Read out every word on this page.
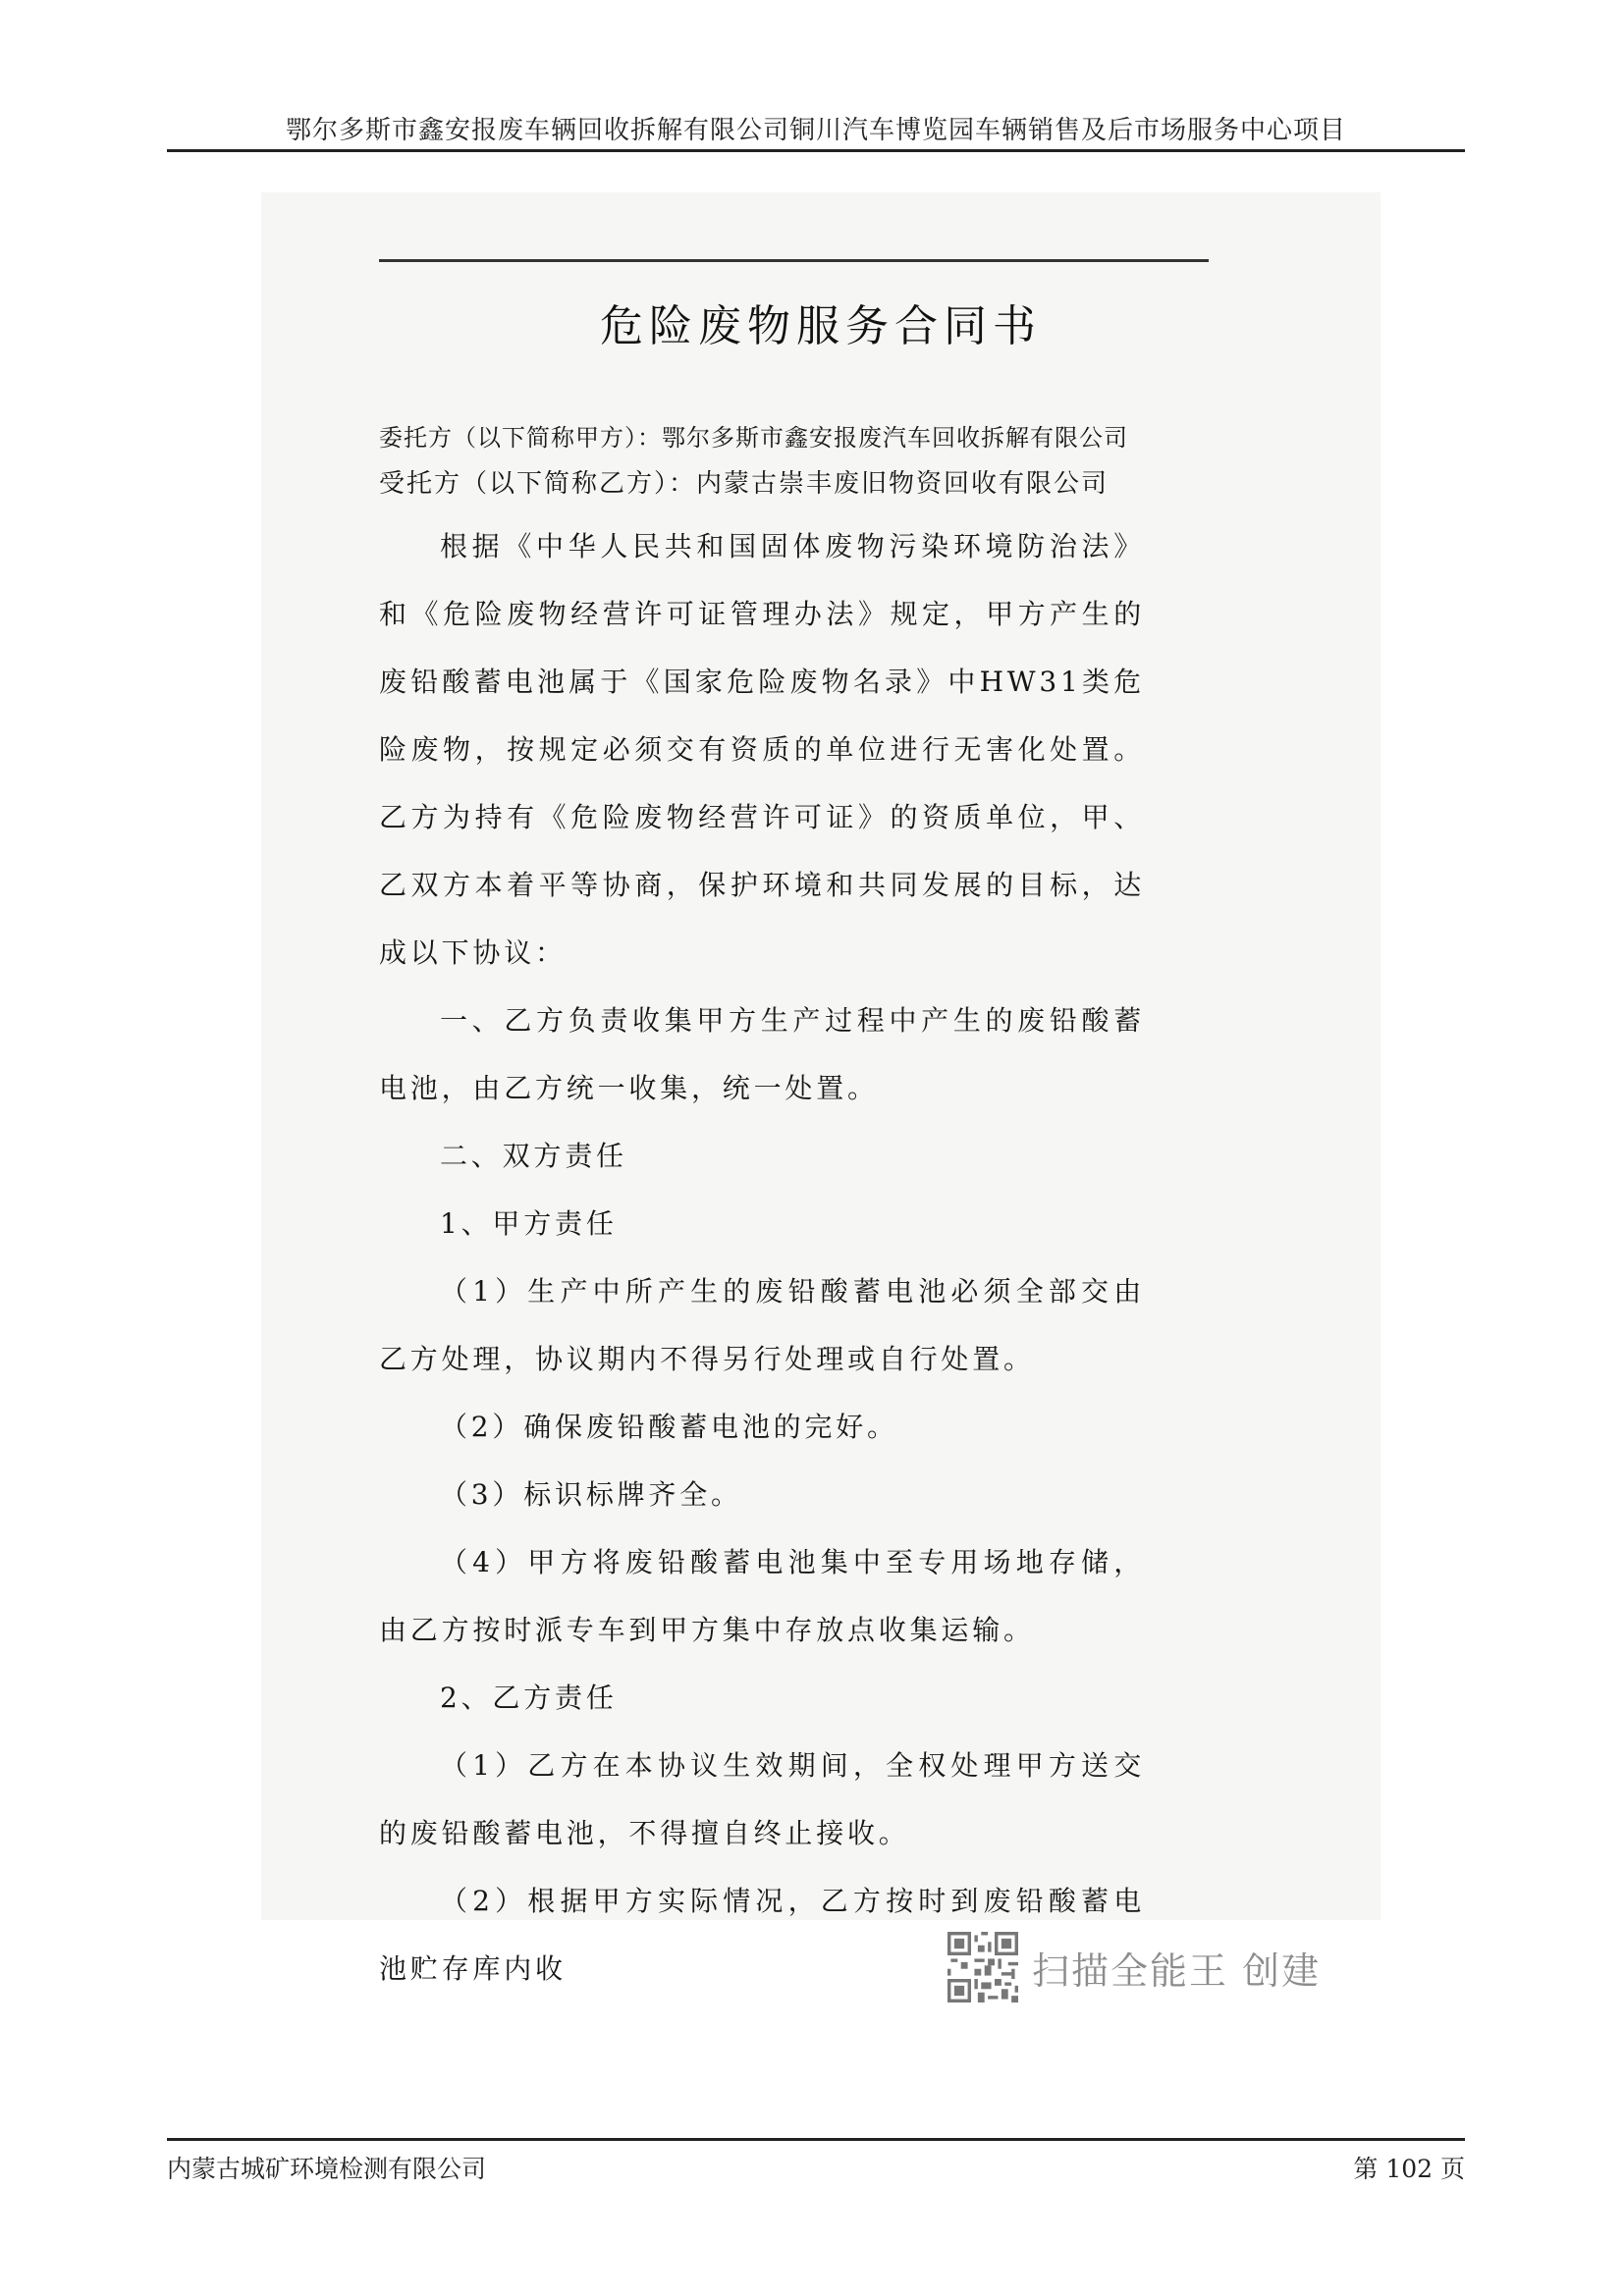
鄂尔多斯市鑫安报废车辆回收拆解有限公司铜川汽车博览园车辆销售及后市场服务中心项目
危险废物服务合同书
委托方（以下简称甲方）：鄂尔多斯市鑫安报废汽车回收拆解有限公司
受托方（以下简称乙方）：内蒙古崇丰废旧物资回收有限公司

根据《中华人民共和国固体废物污染环境防治法》和《危险废物经营许可证管理办法》规定，甲方产生的废铅酸蓄电池属于《国家危险废物名录》中HW31类危险废物，按规定必须交有资质的单位进行无害化处置。乙方为持有《危险废物经营许可证》的资质单位，甲、乙双方本着平等协商，保护环境和共同发展的目标，达成以下协议：

一、乙方负责收集甲方生产过程中产生的废铅酸蓄电池，由乙方统一收集，统一处置。

二、双方责任

1、甲方责任

（1）生产中所产生的废铅酸蓄电池必须全部交由乙方处理，协议期内不得另行处理或自行处置。

（2）确保废铅酸蓄电池的完好。

（3）标识标牌齐全。

（4）甲方将废铅酸蓄电池集中至专用场地存储，由乙方按时派专车到甲方集中存放点收集运输。

2、乙方责任

（1）乙方在本协议生效期间，全权处理甲方送交的废铅酸蓄电池，不得擅自终止接收。

（2）根据甲方实际情况，乙方按时到废铅酸蓄电池贮存库内收	扫描全能王 创建
内蒙古城矿环境检测有限公司	第 102 页
